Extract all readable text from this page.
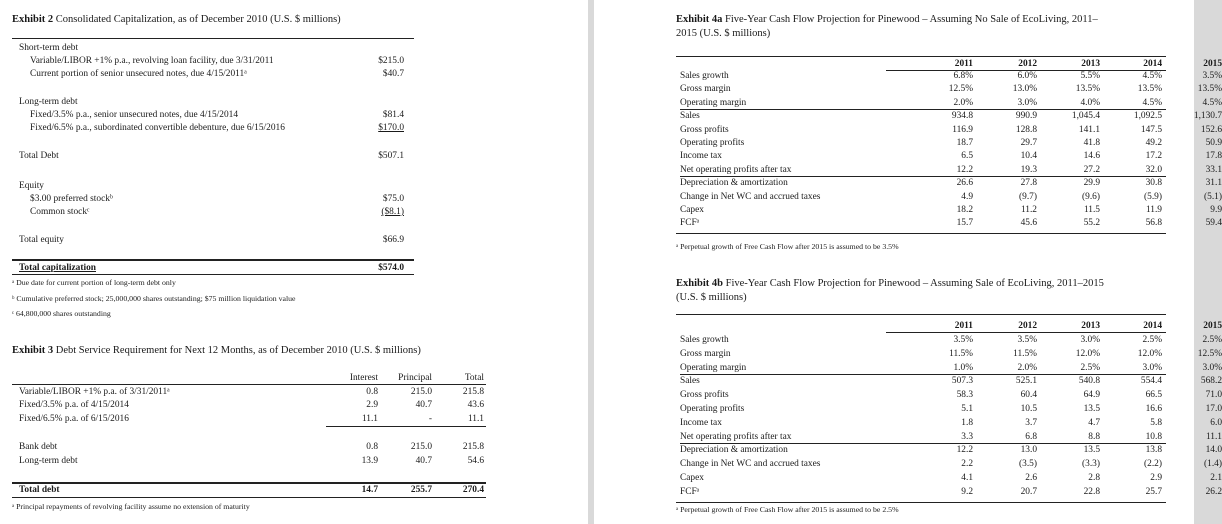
Exhibit 2 Consolidated Capitalization, as of December 2010 (U.S. $ millions)
Short-term debt
Variable/LIBOR +1% p.a., revolving loan facility, due 3/31/2011	$215.0
Current portion of senior unsecured notes, due 4/15/2011ᵃ	$40.7
Long-term debt
Fixed/3.5% p.a., senior unsecured notes, due 4/15/2014	$81.4
Fixed/6.5% p.a., subordinated convertible debenture, due 6/15/2016	$170.0
Total Debt	$507.1
Equity
$3.00 preferred stockᵇ	$75.0
Common stockᶜ	($8.1)
Total equity	$66.9
Total capitalization	$574.0
ᵃ Due date for current portion of long-term debt only
ᵇ Cumulative preferred stock; 25,000,000 shares outstanding; $75 million liquidation value
ᶜ 64,800,000 shares outstanding
Exhibit 3 Debt Service Requirement for Next 12 Months, as of December 2010 (U.S. $ millions)
Interest	Principal	Total
Variable/LIBOR +1% p.a. of 3/31/2011ᵃ	0.8	215.0	215.8
Fixed/3.5% p.a. of 4/15/2014	2.9	40.7	43.6
Fixed/6.5% p.a. of 6/15/2016	11.1	-	11.1
Bank debt	0.8	215.0	215.8
Long-term debt	13.9	40.7	54.6
Total debt	14.7	255.7	270.4
ᵃ Principal repayments of revolving facility assume no extension of maturity
Exhibit 4a Five-Year Cash Flow Projection for Pinewood – Assuming No Sale of EcoLiving, 2011–
2015 (U.S. $ millions)
2011	2012	2013	2014	2015
Sales growth	6.8%	6.0%	5.5%	4.5%	3.5%
Gross margin	12.5%	13.0%	13.5%	13.5%	13.5%
Operating margin	2.0%	3.0%	4.0%	4.5%	4.5%
Sales	934.8	990.9	1,045.4	1,092.5	1,130.7
Gross profits	116.9	128.8	141.1	147.5	152.6
Operating profits	18.7	29.7	41.8	49.2	50.9
Income tax	6.5	10.4	14.6	17.2	17.8
Net operating profits after tax	12.2	19.3	27.2	32.0	33.1
Depreciation & amortization	26.6	27.8	29.9	30.8	31.1
Change in Net WC and accrued taxes	4.9	(9.7)	(9.6)	(5.9)	(5.1)
Capex	18.2	11.2	11.5	11.9	9.9
FCFᵃ	15.7	45.6	55.2	56.8	59.4
ᵃ Perpetual growth of Free Cash Flow after 2015 is assumed to be 3.5%
Exhibit 4b Five-Year Cash Flow Projection for Pinewood – Assuming Sale of EcoLiving, 2011–2015
(U.S. $ millions)
2011	2012	2013	2014	2015
Sales growth	3.5%	3.5%	3.0%	2.5%	2.5%
Gross margin	11.5%	11.5%	12.0%	12.0%	12.5%
Operating margin	1.0%	2.0%	2.5%	3.0%	3.0%
Sales	507.3	525.1	540.8	554.4	568.2
Gross profits	58.3	60.4	64.9	66.5	71.0
Operating profits	5.1	10.5	13.5	16.6	17.0
Income tax	1.8	3.7	4.7	5.8	6.0
Net operating profits after tax	3.3	6.8	8.8	10.8	11.1
Depreciation & amortization	12.2	13.0	13.5	13.8	14.0
Change in Net WC and accrued taxes	2.2	(3.5)	(3.3)	(2.2)	(1.4)
Capex	4.1	2.6	2.8	2.9	2.1
FCFᵃ	9.2	20.7	22.8	25.7	26.2
ᵃ Perpetual growth of Free Cash Flow after 2015 is assumed to be 2.5%
